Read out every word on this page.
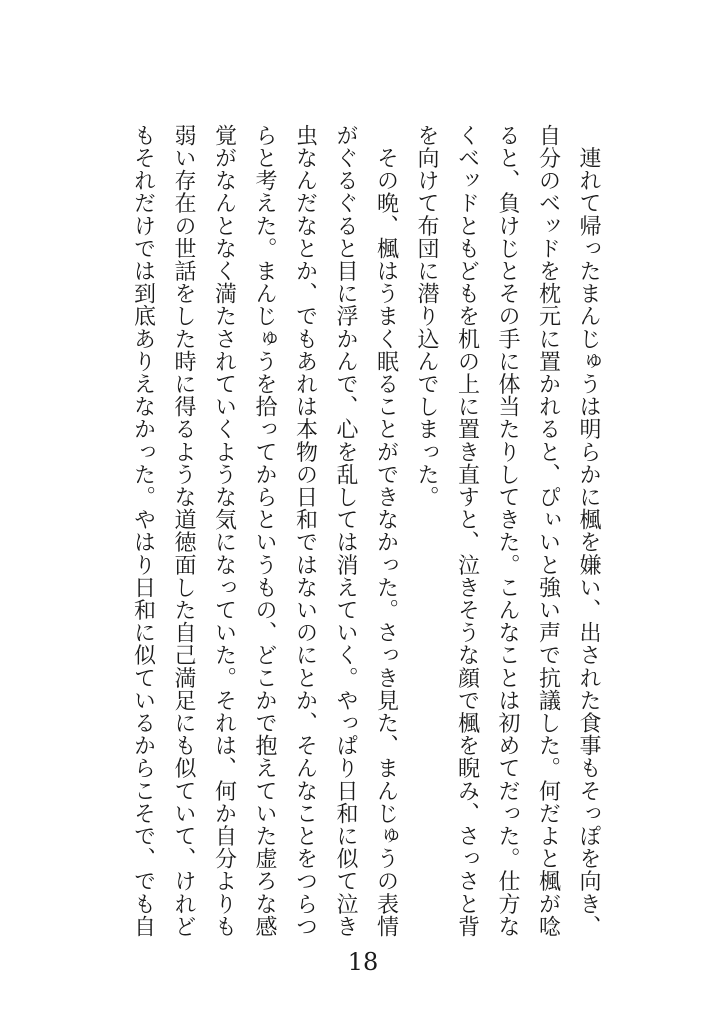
　連れて帰ったまんじゅうは明らかに楓を嫌い、出された食事もそっぽを向き、
自分のベッドを枕元に置かれると、ぴぃいと強い声で抗議した。何だよと楓が唸
ると、負けじとその手に体当たりしてきた。こんなことは初めてだった。仕方な
くベッドともどもを机の上に置き直すと、泣きそうな顔で楓を睨み、さっさと背
を向けて布団に潜り込んでしまった。
　その晩、楓はうまく眠ることができなかった。さっき見た、まんじゅうの表情
がぐるぐると目に浮かんで、心を乱しては消えていく。やっぱり日和に似て泣き
虫なんだなとか、でもあれは本物の日和ではないのにとか、そんなことをつらつ
らと考えた。まんじゅうを拾ってからというもの、どこかで抱えていた虚ろな感
覚がなんとなく満たされていくような気になっていた。それは、何か自分よりも
弱い存在の世話をした時に得るような道徳面した自己満足にも似ていて、けれど
もそれだけでは到底ありえなかった。やはり日和に似ているからこそで、でも自
18
